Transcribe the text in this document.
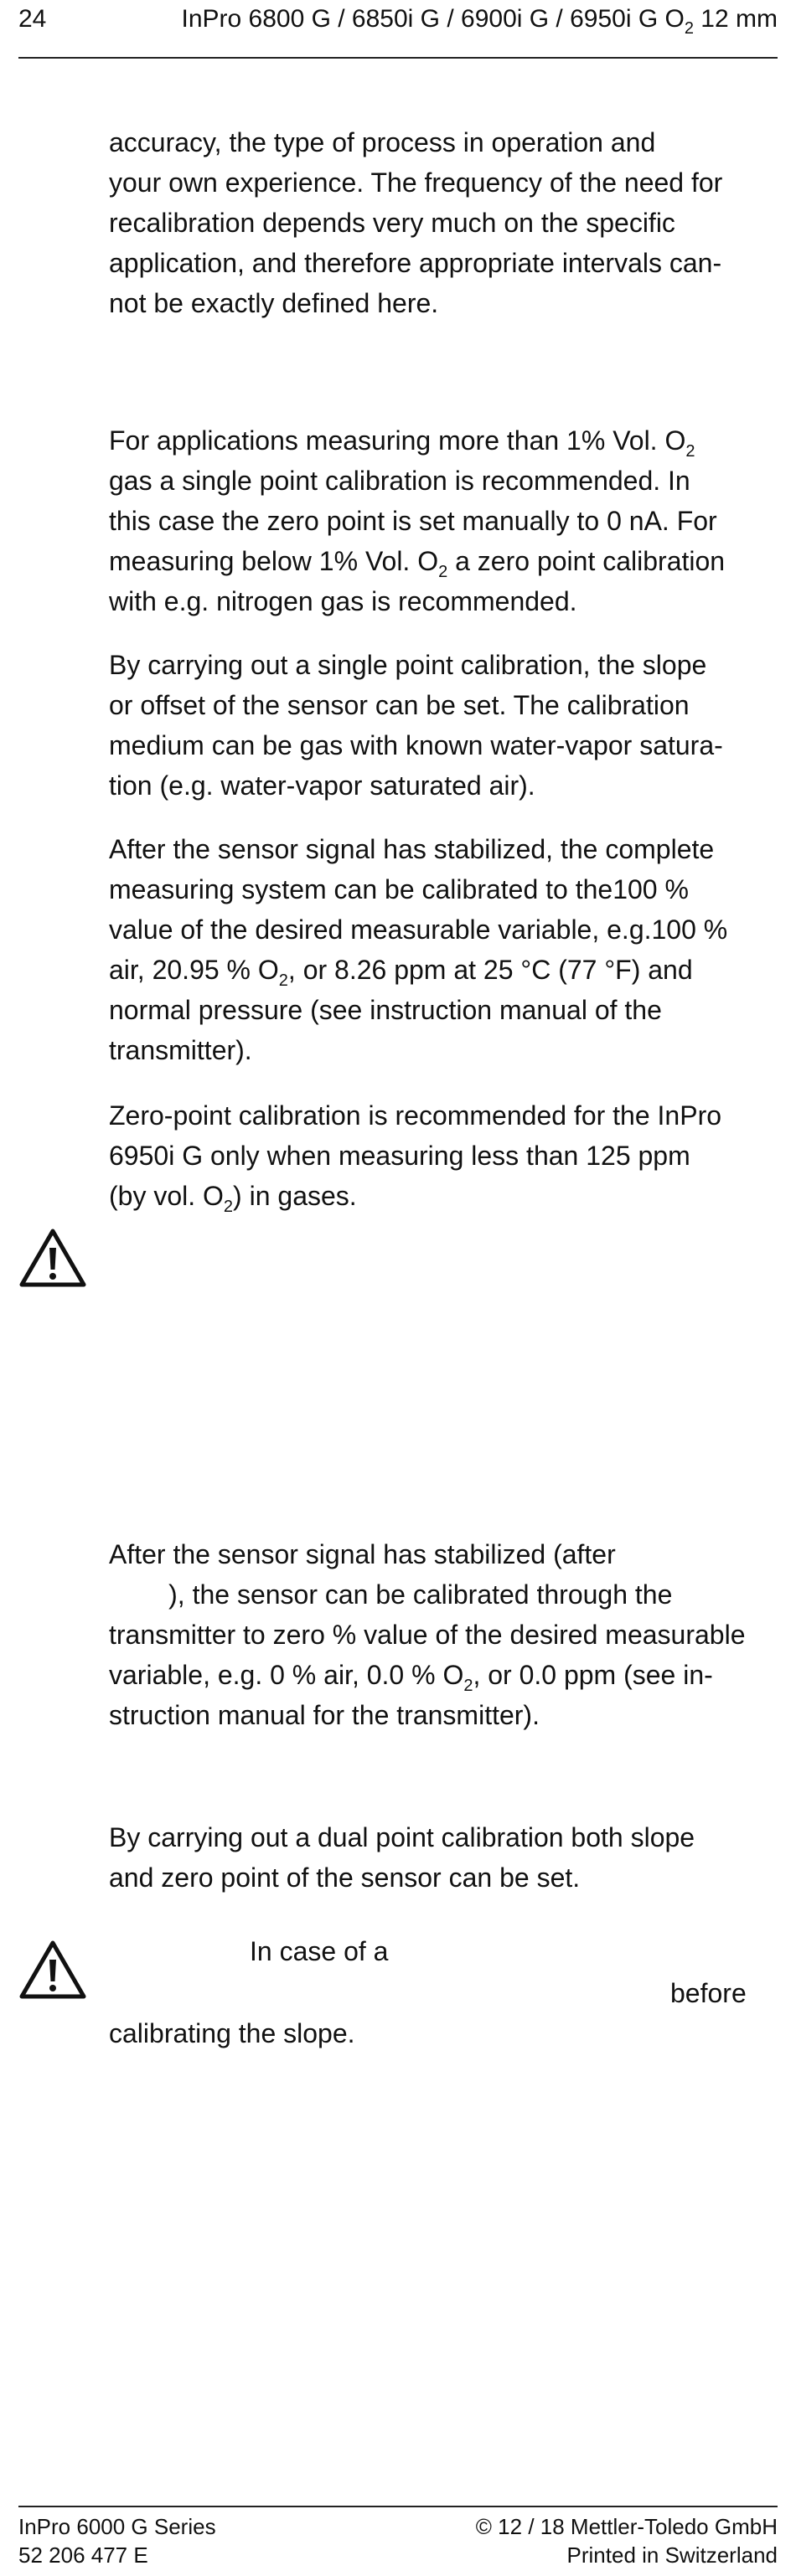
24	InPro 6800 G / 6850i G / 6900i G / 6950i G $O_2$ 12 mm
accuracy, the type of process in operation and
your own experience. The frequency of the need for
recalibration depends very much on the specific
application, and therefore appropriate intervals can-
not be exactly defined here.
For applications measuring more than 1% Vol. $O_2$
gas a single point calibration is recommended. In
this case the zero point is set manually to 0 nA. For
measuring below 1% Vol. $O_2$ a zero point calibration
with e.g. nitrogen gas is recommended.
By carrying out a single point calibration, the slope
or offset of the sensor can be set. The calibration
medium can be gas with known water-vapor satura-
tion (e.g. water-vapor saturated air).
After the sensor signal has stabilized, the complete
measuring system can be calibrated to the100 %
value of the desired measurable variable, e.g.100 %
air, 20.95 % $O_2$, or 8.26 ppm at 25 °C (77 °F) and
normal pressure (see instruction manual of the
transmitter).
Zero-point calibration is recommended for the InPro
6950i G only when measuring less than 125 ppm
(by vol. $O_2$) in gases.
After the sensor signal has stabilized (after
), the sensor can be calibrated through the
transmitter to zero % value of the desired measurable
variable, e.g. 0 % air, 0.0 % $O_2$, or 0.0 ppm (see in-
struction manual for the transmitter).
By carrying out a dual point calibration both slope
and zero point of the sensor can be set.
In case of a
before
calibrating the slope.
InPro 6000 G Series
52 206 477 E
© 12 / 18 Mettler-Toledo GmbH
Printed in Switzerland
